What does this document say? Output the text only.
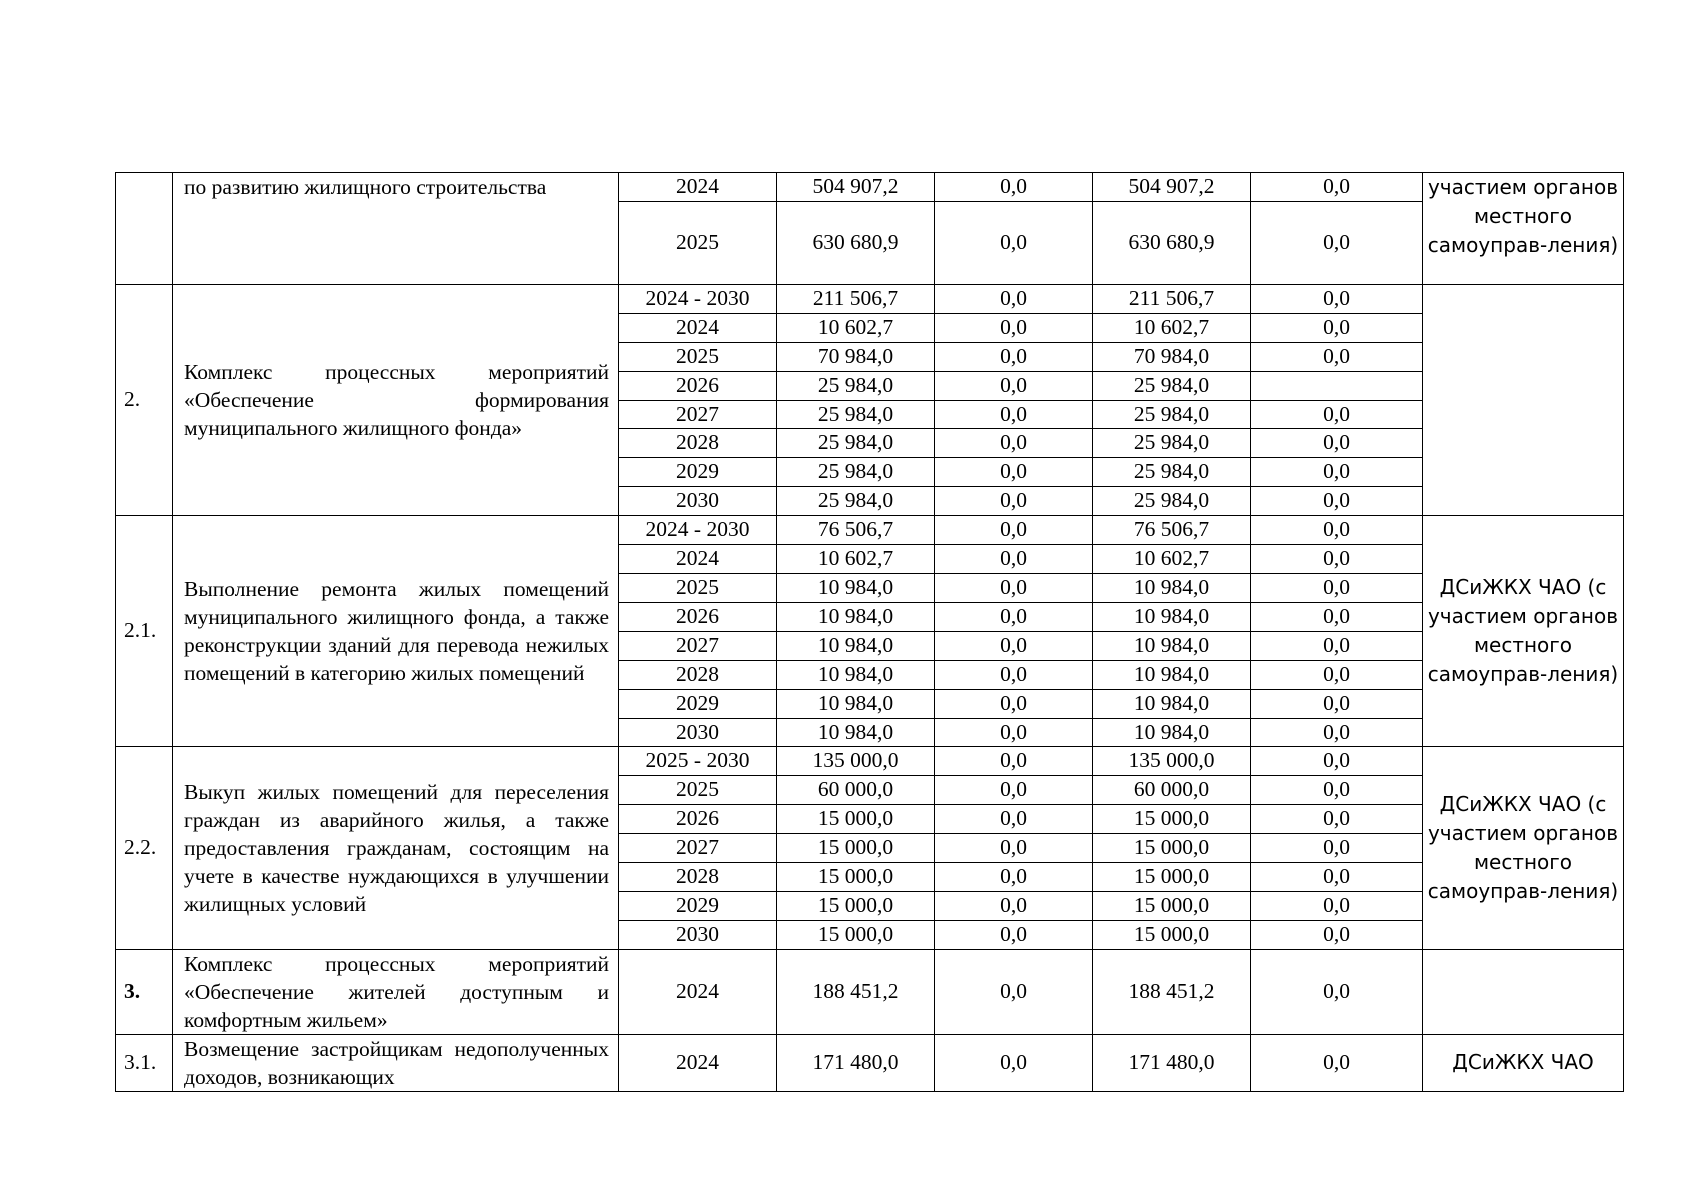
	по развитию жилищного строительства	2024	504 907,2	0,0	504 907,2	0,0	участием органов местного самоуправ-ления)
		2025	630 680,9	0,0	630 680,9	0,0	
2.	Комплекс процессных мероприятий «Обеспечение формирования муниципального жилищного фонда»	2024 - 2030	211 506,7	0,0	211 506,7	0,0	
		2024	10 602,7	0,0	10 602,7	0,0	
		2025	70 984,0	0,0	70 984,0	0,0	
		2026	25 984,0	0,0	25 984,0		
		2027	25 984,0	0,0	25 984,0	0,0	
		2028	25 984,0	0,0	25 984,0	0,0	
		2029	25 984,0	0,0	25 984,0	0,0	
		2030	25 984,0	0,0	25 984,0	0,0	
2.1.	Выполнение ремонта жилых помещений муниципального жилищного фонда, а также реконструкции зданий для перевода нежилых помещений в категорию жилых помещений	2024 - 2030	76 506,7	0,0	76 506,7	0,0	ДСиЖКХ ЧАО (с участием органов местного самоуправ-ления)
		2024	10 602,7	0,0	10 602,7	0,0	
		2025	10 984,0	0,0	10 984,0	0,0	
		2026	10 984,0	0,0	10 984,0	0,0	
		2027	10 984,0	0,0	10 984,0	0,0	
		2028	10 984,0	0,0	10 984,0	0,0	
		2029	10 984,0	0,0	10 984,0	0,0	
		2030	10 984,0	0,0	10 984,0	0,0	
2.2.	Выкуп жилых помещений для переселения граждан из аварийного жилья, а также предоставления гражданам, состоящим на учете в качестве нуждающихся в улучшении жилищных условий	2025 - 2030	135 000,0	0,0	135 000,0	0,0	ДСиЖКХ ЧАО (с участием органов местного самоуправ-ления)
		2025	60 000,0	0,0	60 000,0	0,0	
		2026	15 000,0	0,0	15 000,0	0,0	
		2027	15 000,0	0,0	15 000,0	0,0	
		2028	15 000,0	0,0	15 000,0	0,0	
		2029	15 000,0	0,0	15 000,0	0,0	
		2030	15 000,0	0,0	15 000,0	0,0	
3.	Комплекс процессных мероприятий «Обеспечение жителей доступным и комфортным жильем»	2024	188 451,2	0,0	188 451,2	0,0	
3.1.	Возмещение застройщикам недополученных доходов, возникающих	2024	171 480,0	0,0	171 480,0	0,0	ДСиЖКХ ЧАО
